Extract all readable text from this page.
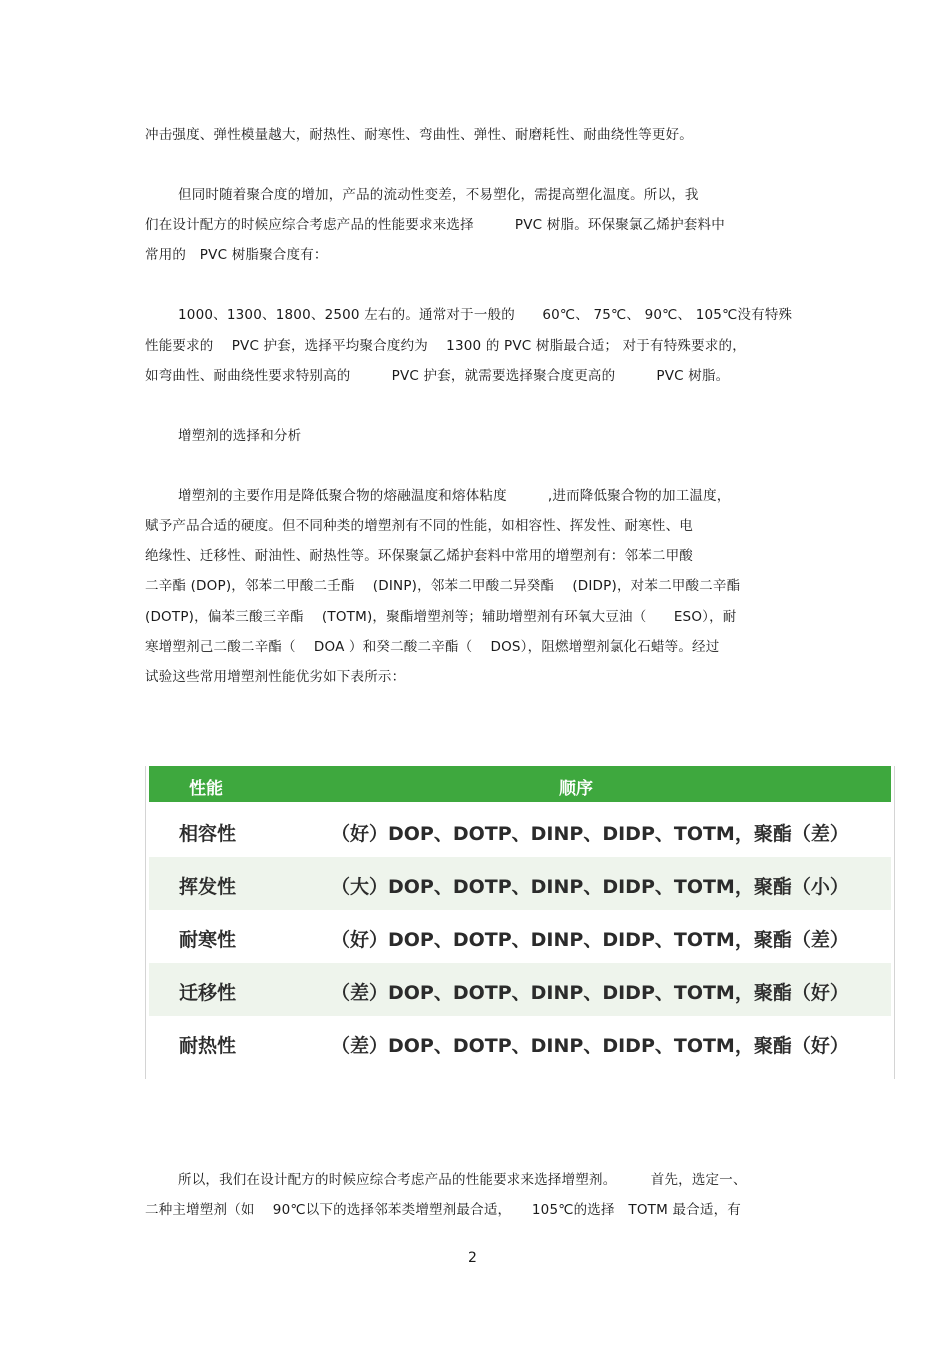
冲击强度、弹性模量越大，耐热性、耐寒性、弯曲性、弹性、耐磨耗性、耐曲绕性等更好。
但同时随着聚合度的增加，产品的流动性变差，不易塑化，需提高塑化温度。所以，我
们在设计配方的时候应综合考虑产品的性能要求来选择　　　PVC 树脂。环保聚氯乙烯护套料中
常用的　PVC 树脂聚合度有：
1000、1300、1800、2500 左右的。通常对于一般的　　60℃、 75℃、 90℃、 105℃没有特殊
性能要求的　 PVC 护套，选择平均聚合度约为　 1300 的 PVC 树脂最合适； 对于有特殊要求的，
如弯曲性、耐曲绕性要求特别高的　　　PVC 护套，就需要选择聚合度更高的　　　PVC 树脂。
增塑剂的选择和分析
增塑剂的主要作用是降低聚合物的熔融温度和熔体粘度　　　,进而降低聚合物的加工温度，
赋予产品合适的硬度。但不同种类的增塑剂有不同的性能，如相容性、挥发性、耐寒性、电
绝缘性、迁移性、耐油性、耐热性等。环保聚氯乙烯护套料中常用的增塑剂有：邻苯二甲酸
二辛酯 (DOP)，邻苯二甲酸二壬酯　 (DINP)，邻苯二甲酸二异癸酯　 (DIDP)，对苯二甲酸二辛酯
(DOTP)，偏苯三酸三辛酯　 (TOTM)，聚酯增塑剂等；辅助增塑剂有环氧大豆油（　　ESO），耐
寒增塑剂己二酸二辛酯（　 DOA ）和癸二酸二辛酯（　 DOS），阻燃增塑剂氯化石蜡等。经过
试验这些常用增塑剂性能优劣如下表所示：
性能	顺序
相容性	（好）DOP、DOTP、DINP、DIDP、TOTM，聚酯（差）
挥发性	（大）DOP、DOTP、DINP、DIDP、TOTM，聚酯（小）
耐寒性	（好）DOP、DOTP、DINP、DIDP、TOTM，聚酯（差）
迁移性	（差）DOP、DOTP、DINP、DIDP、TOTM，聚酯（好）
耐热性	（差）DOP、DOTP、DINP、DIDP、TOTM，聚酯（好）
所以，我们在设计配方的时候应综合考虑产品的性能要求来选择增塑剂。　　　首先，选定一、
二种主增塑剂（如　 90℃以下的选择邻苯类增塑剂最合适，　　105℃的选择　TOTM 最合适，有
2
